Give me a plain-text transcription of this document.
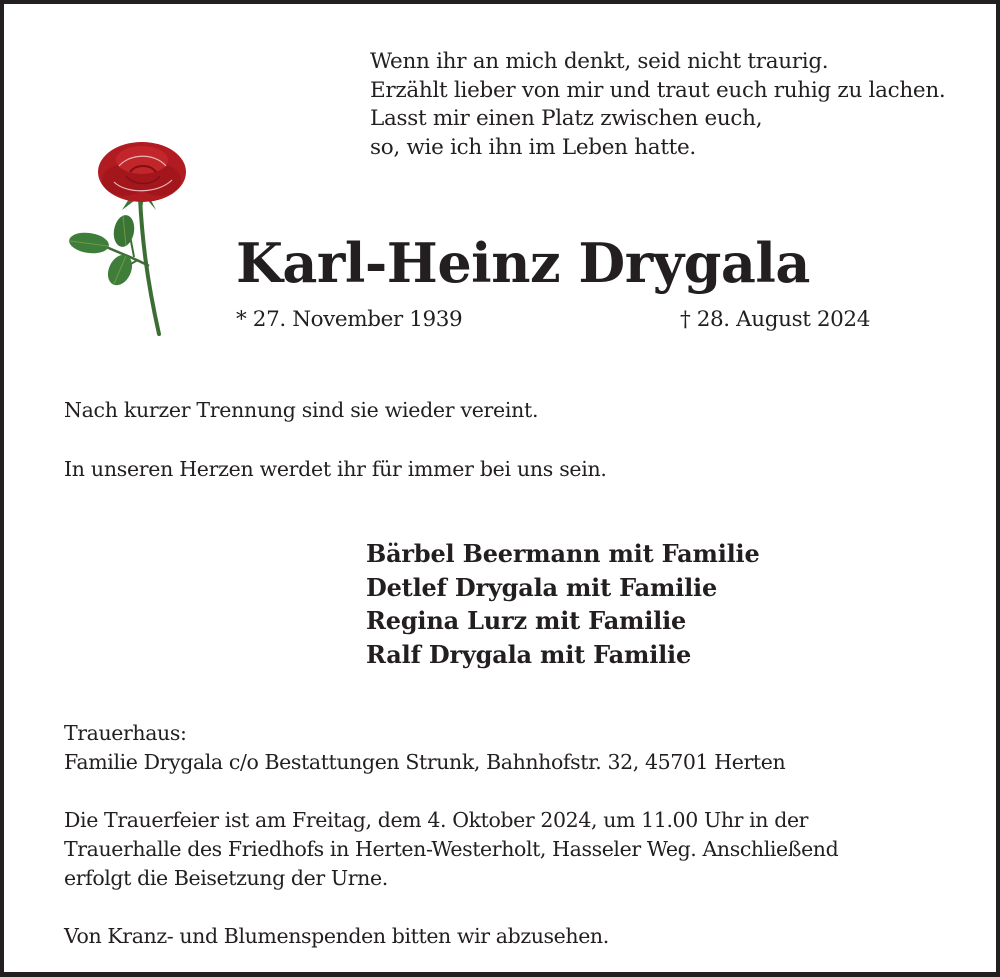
Wenn ihr an mich denkt, seid nicht traurig.
Erzählt lieber von mir und traut euch ruhig zu lachen.
Lasst mir einen Platz zwischen euch,
so, wie ich ihn im Leben hatte.
Karl-Heinz Drygala
* 27. November 1939	† 28. August 2024
Nach kurzer Trennung sind sie wieder vereint.
In unseren Herzen werdet ihr für immer bei uns sein.
Bärbel Beermann mit Familie
Detlef Drygala mit Familie
Regina Lurz mit Familie
Ralf Drygala mit Familie
Trauerhaus:
Familie Drygala c/o Bestattungen Strunk, Bahnhofstr. 32, 45701 Herten
Die Trauerfeier ist am Freitag, dem 4. Oktober 2024, um 11.00 Uhr in der
Trauerhalle des Friedhofs in Herten-Westerholt, Hasseler Weg. Anschließend
erfolgt die Beisetzung der Urne.
Von Kranz- und Blumenspenden bitten wir abzusehen.
